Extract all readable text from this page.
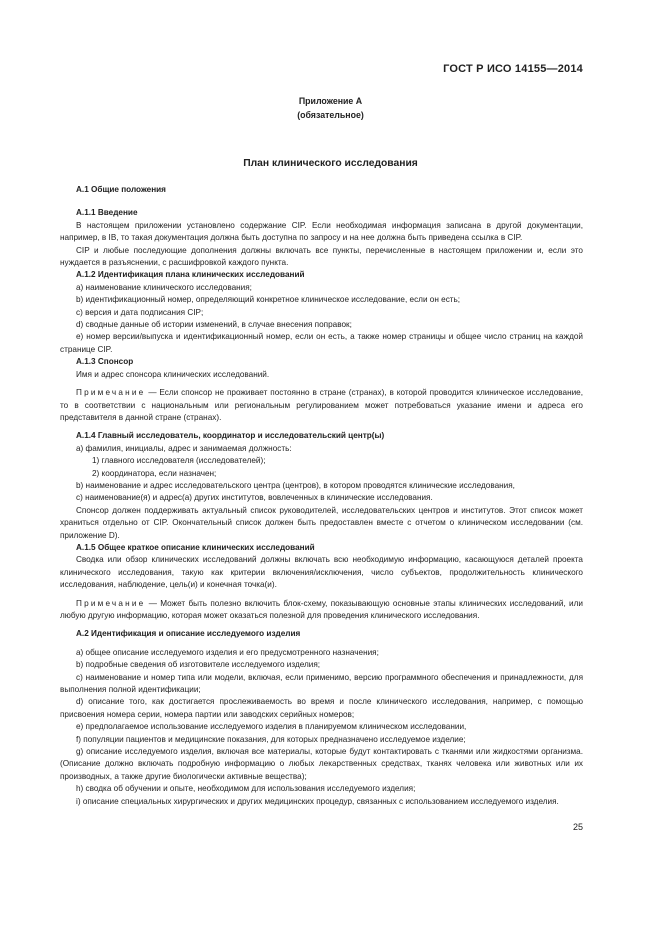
ГОСТ Р ИСО 14155—2014
Приложение А
(обязательное)
План клинического исследования

А.1 Общие положения

А.1.1 Введение

В настоящем приложении установлено содержание CIP. Если необходимая информация записана в другой документации, например, в IB, то такая документация должна быть доступна по запросу и на нее должна быть приведена ссылка в CIP.

CIP и любые последующие дополнения должны включать все пункты, перечисленные в настоящем приложении и, если это нуждается в разъяснении, с расшифровкой каждого пункта.

А.1.2 Идентификация плана клинических исследований

а) наименование клинического исследования;

b) идентификационный номер, определяющий конкретное клиническое исследование, если он есть;

c) версия и дата подписания CIP;

d) сводные данные об истории изменений, в случае внесения поправок;

е) номер версии/выпуска и идентификационный номер, если он есть, а также номер страницы и общее число страниц на каждой странице CIP.

А.1.3 Спонсор

Имя и адрес спонсора клинических исследований.

Примечание — Если спонсор не проживает постоянно в стране (странах), в которой проводится клиническое исследование, то в соответствии с национальным или региональным регулированием может потребоваться указание имени и адреса его представителя в данной стране (странах).

А.1.4 Главный исследователь, координатор и исследовательский центр(ы)

а) фамилия, инициалы, адрес и занимаемая должность:

1) главного исследователя (исследователей);

2) координатора, если назначен;

b) наименование и адрес исследовательского центра (центров), в котором проводятся клинические исследования,

с) наименование(я) и адрес(а) других институтов, вовлеченных в клинические исследования.

Спонсор должен поддерживать актуальный список руководителей, исследовательских центров и институтов. Этот список может храниться отдельно от CIP. Окончательный список должен быть предоставлен вместе с отчетом о клиническом исследовании (см. приложение D).

А.1.5 Общее краткое описание клинических исследований

Сводка или обзор клинических исследований должны включать всю необходимую информацию, касающуюся деталей проекта клинического исследования, такую как критерии включения/исключения, число субъектов, продолжительность клинического исследования, наблюдение, цель(и) и конечная точка(и).

Примечание — Может быть полезно включить блок-схему, показывающую основные этапы клинических исследований, или любую другую информацию, которая может оказаться полезной для проведения клинического исследования.

А.2 Идентификация и описание исследуемого изделия

а) общее описание исследуемого изделия и его предусмотренного назначения;

b) подробные сведения об изготовителе исследуемого изделия;

с) наименование и номер типа или модели, включая, если применимо, версию программного обеспечения и принадлежности, для выполнения полной идентификации;

d) описание того, как достигается прослеживаемость во время и после клинического исследования, например, с помощью присвоения номера серии, номера партии или заводских серийных номеров;

е) предполагаемое использование исследуемого изделия в планируемом клиническом исследовании,

f) популяции пациентов и медицинские показания, для которых предназначено исследуемое изделие;

g) описание исследуемого изделия, включая все материалы, которые будут контактировать с тканями или жидкостями организма. (Описание должно включать подробную информацию о любых лекарственных средствах, тканях человека или животных или их производных, а также другие биологически активные вещества);

h) сводка об обучении и опыте, необходимом для использования исследуемого изделия;

i) описание специальных хирургических и других медицинских процедур, связанных с использованием исследуемого изделия.

25
